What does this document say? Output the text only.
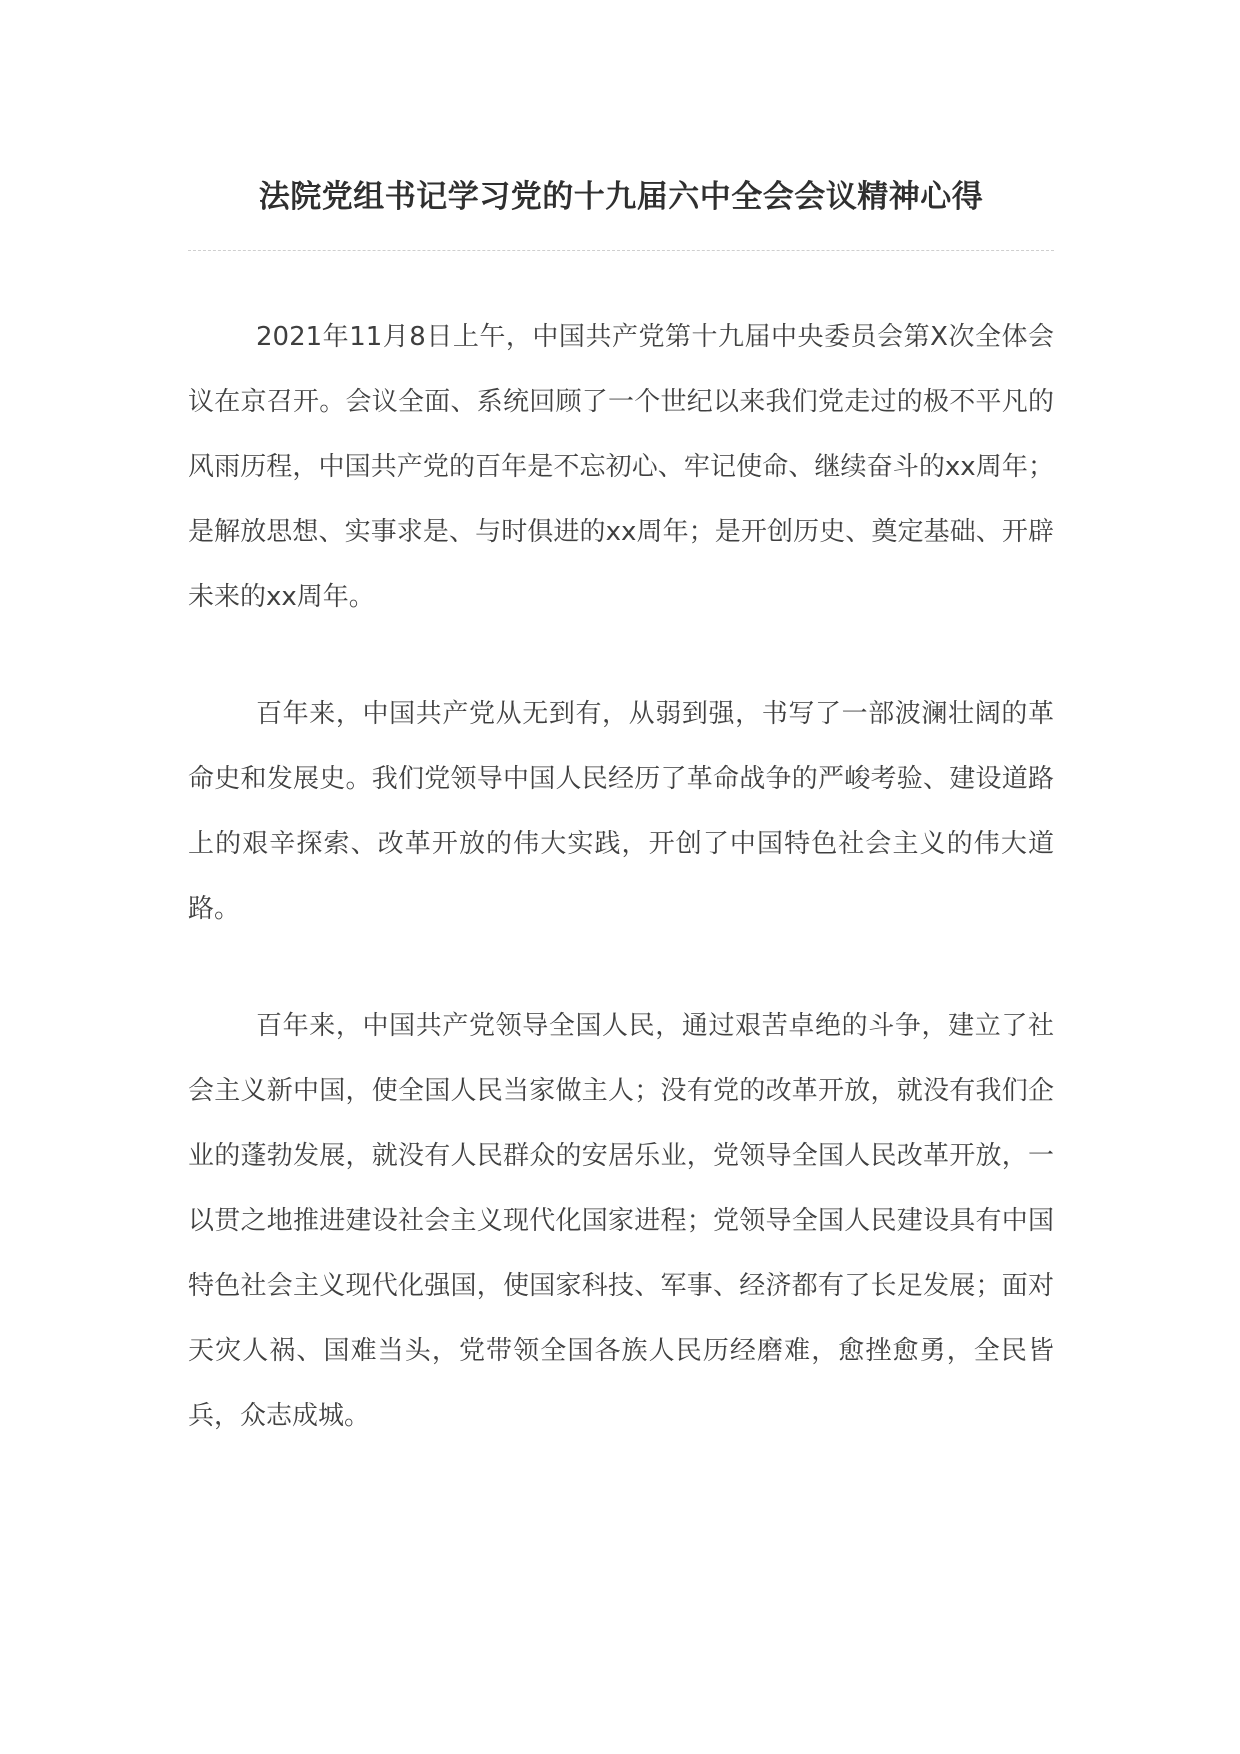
法院党组书记学习党的十九届六中全会会议精神心得

2021年11月8日上午，中国共产党第十九届中央委员会第X次全体会议在京召开。会议全面、系统回顾了一个世纪以来我们党走过的极不平凡的风雨历程，中国共产党的百年是不忘初心、牢记使命、继续奋斗的xx周年；是解放思想、实事求是、与时俱进的xx周年；是开创历史、奠定基础、开辟未来的xx周年。

百年来，中国共产党从无到有，从弱到强，书写了一部波澜壮阔的革命史和发展史。我们党领导中国人民经历了革命战争的严峻考验、建设道路上的艰辛探索、改革开放的伟大实践，开创了中国特色社会主义的伟大道路。

百年来，中国共产党领导全国人民，通过艰苦卓绝的斗争，建立了社会主义新中国，使全国人民当家做主人；没有党的改革开放，就没有我们企业的蓬勃发展，就没有人民群众的安居乐业，党领导全国人民改革开放，一以贯之地推进建设社会主义现代化国家进程；党领导全国人民建设具有中国特色社会主义现代化强国，使国家科技、军事、经济都有了长足发展；面对天灾人祸、国难当头，党带领全国各族人民历经磨难，愈挫愈勇，全民皆兵，众志成城。
